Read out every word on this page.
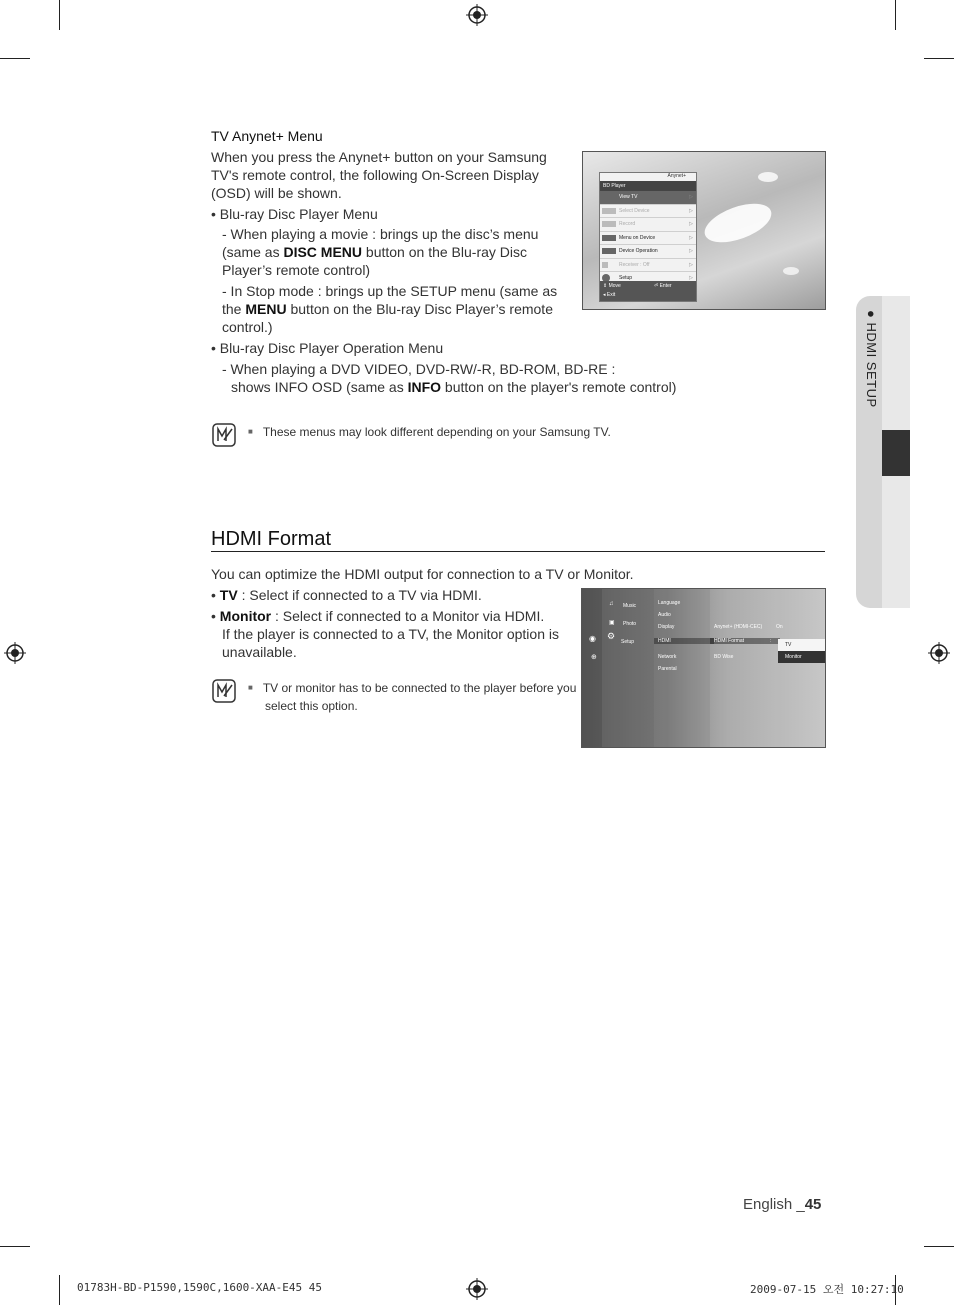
TV Anynet+ Menu
When you press the Anynet+ button on your Samsung TV's remote control, the following On-Screen Display (OSD) will be shown.
• Blu-ray Disc Player Menu
- When playing a movie : brings up the disc’s menu (same as DISC MENU button on the Blu-ray Disc Player’s remote control)
- In Stop mode : brings up the SETUP menu (same as the MENU button on the Blu-ray Disc Player’s remote control.)
• Blu-ray Disc Player Operation Menu
- When playing a DVD VIDEO, DVD-RW/-R, BD-ROM, BD-RE :
shows INFO OSD (same as INFO button on the player's remote control)
■ These menus may look different depending on your Samsung TV.
Anynet+
BD Player
View TV	▷
Select Device	▷
Record	▷
Menu on Device	▷
Device Operation	▷
Receiver : Off	▷
Setup	▷
⇕ Move	⏎ Enter
◂ Exit
HDMI Format
You can optimize the HDMI output for connection to a TV or Monitor.
• TV : Select if connected to a TV via HDMI.
• Monitor : Select if connected to a Monitor via HDMI.
If the player is connected to a TV, the Monitor option is
unavailable.
■ TV or monitor has to be connected to the player before you
select this option.
◉
⊕
♫
▣
⚙
Music
Photo
Setup
Language
Audio
Display
HDMI
Network
Parental
Anynet+ (HDMI-CEC)	On
HDMI Format	:
BD Wise
TV
Monitor
● HDMI SETUP
English _45
01783H-BD-P1590,1590C,1600-XAA-E45 45	2009-07-15 오전 10:27:10
